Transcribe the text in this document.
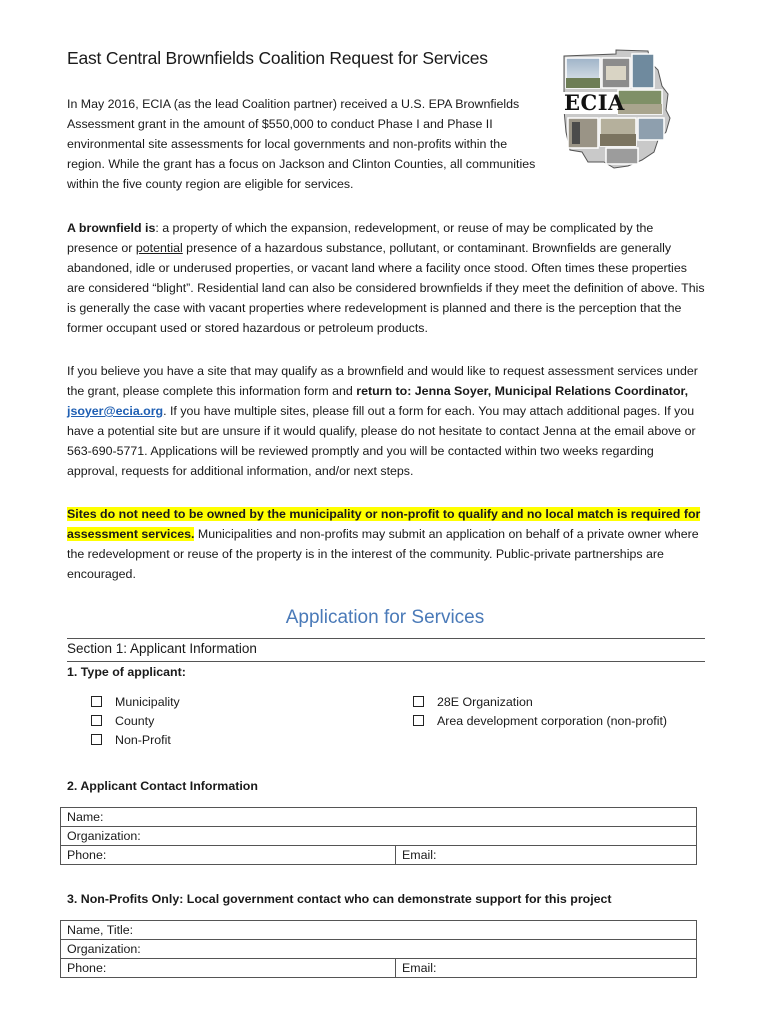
East Central Brownfields Coalition Request for Services
ECIA

In May 2016, ECIA (as the lead Coalition partner) received a U.S. EPA Brownfields Assessment grant in the amount of $550,000 to conduct Phase I and Phase II environmental site assessments for local governments and non-profits within the region. While the grant has a focus on Jackson and Clinton Counties, all communities within the five county region are eligible for services.

A brownfield is: a property of which the expansion, redevelopment, or reuse of may be complicated by the presence or potential presence of a hazardous substance, pollutant, or contaminant. Brownfields are generally abandoned, idle or underused properties, or vacant land where a facility once stood. Often times these properties are considered “blight”. Residential land can also be considered brownfields if they meet the definition of above. This is generally the case with vacant properties where redevelopment is planned and there is the perception that the former occupant used or stored hazardous or petroleum products.

If you believe you have a site that may qualify as a brownfield and would like to request assessment services under the grant, please complete this information form and return to: Jenna Soyer, Municipal Relations Coordinator, jsoyer@ecia.org. If you have multiple sites, please fill out a form for each. You may attach additional pages. If you have a potential site but are unsure if it would qualify, please do not hesitate to contact Jenna at the email above or 563-690-5771. Applications will be reviewed promptly and you will be contacted within two weeks regarding approval, requests for additional information, and/or next steps.

Sites do not need to be owned by the municipality or non-profit to qualify and no local match is required for assessment services. Municipalities and non-profits may submit an application on behalf of a private owner where the redevelopment or reuse of the property is in the interest of the community. Public-private partnerships are encouraged.

Application for Services
Section 1: Applicant Information
1. Type of applicant:
Municipality
County
Non-Profit
28E Organization
Area development corporation (non-profit)
2. Applicant Contact Information
Name:
Organization:
Phone:	Email:
3. Non-Profits Only: Local government contact who can demonstrate support for this project
Name, Title:
Organization:
Phone:	Email:
